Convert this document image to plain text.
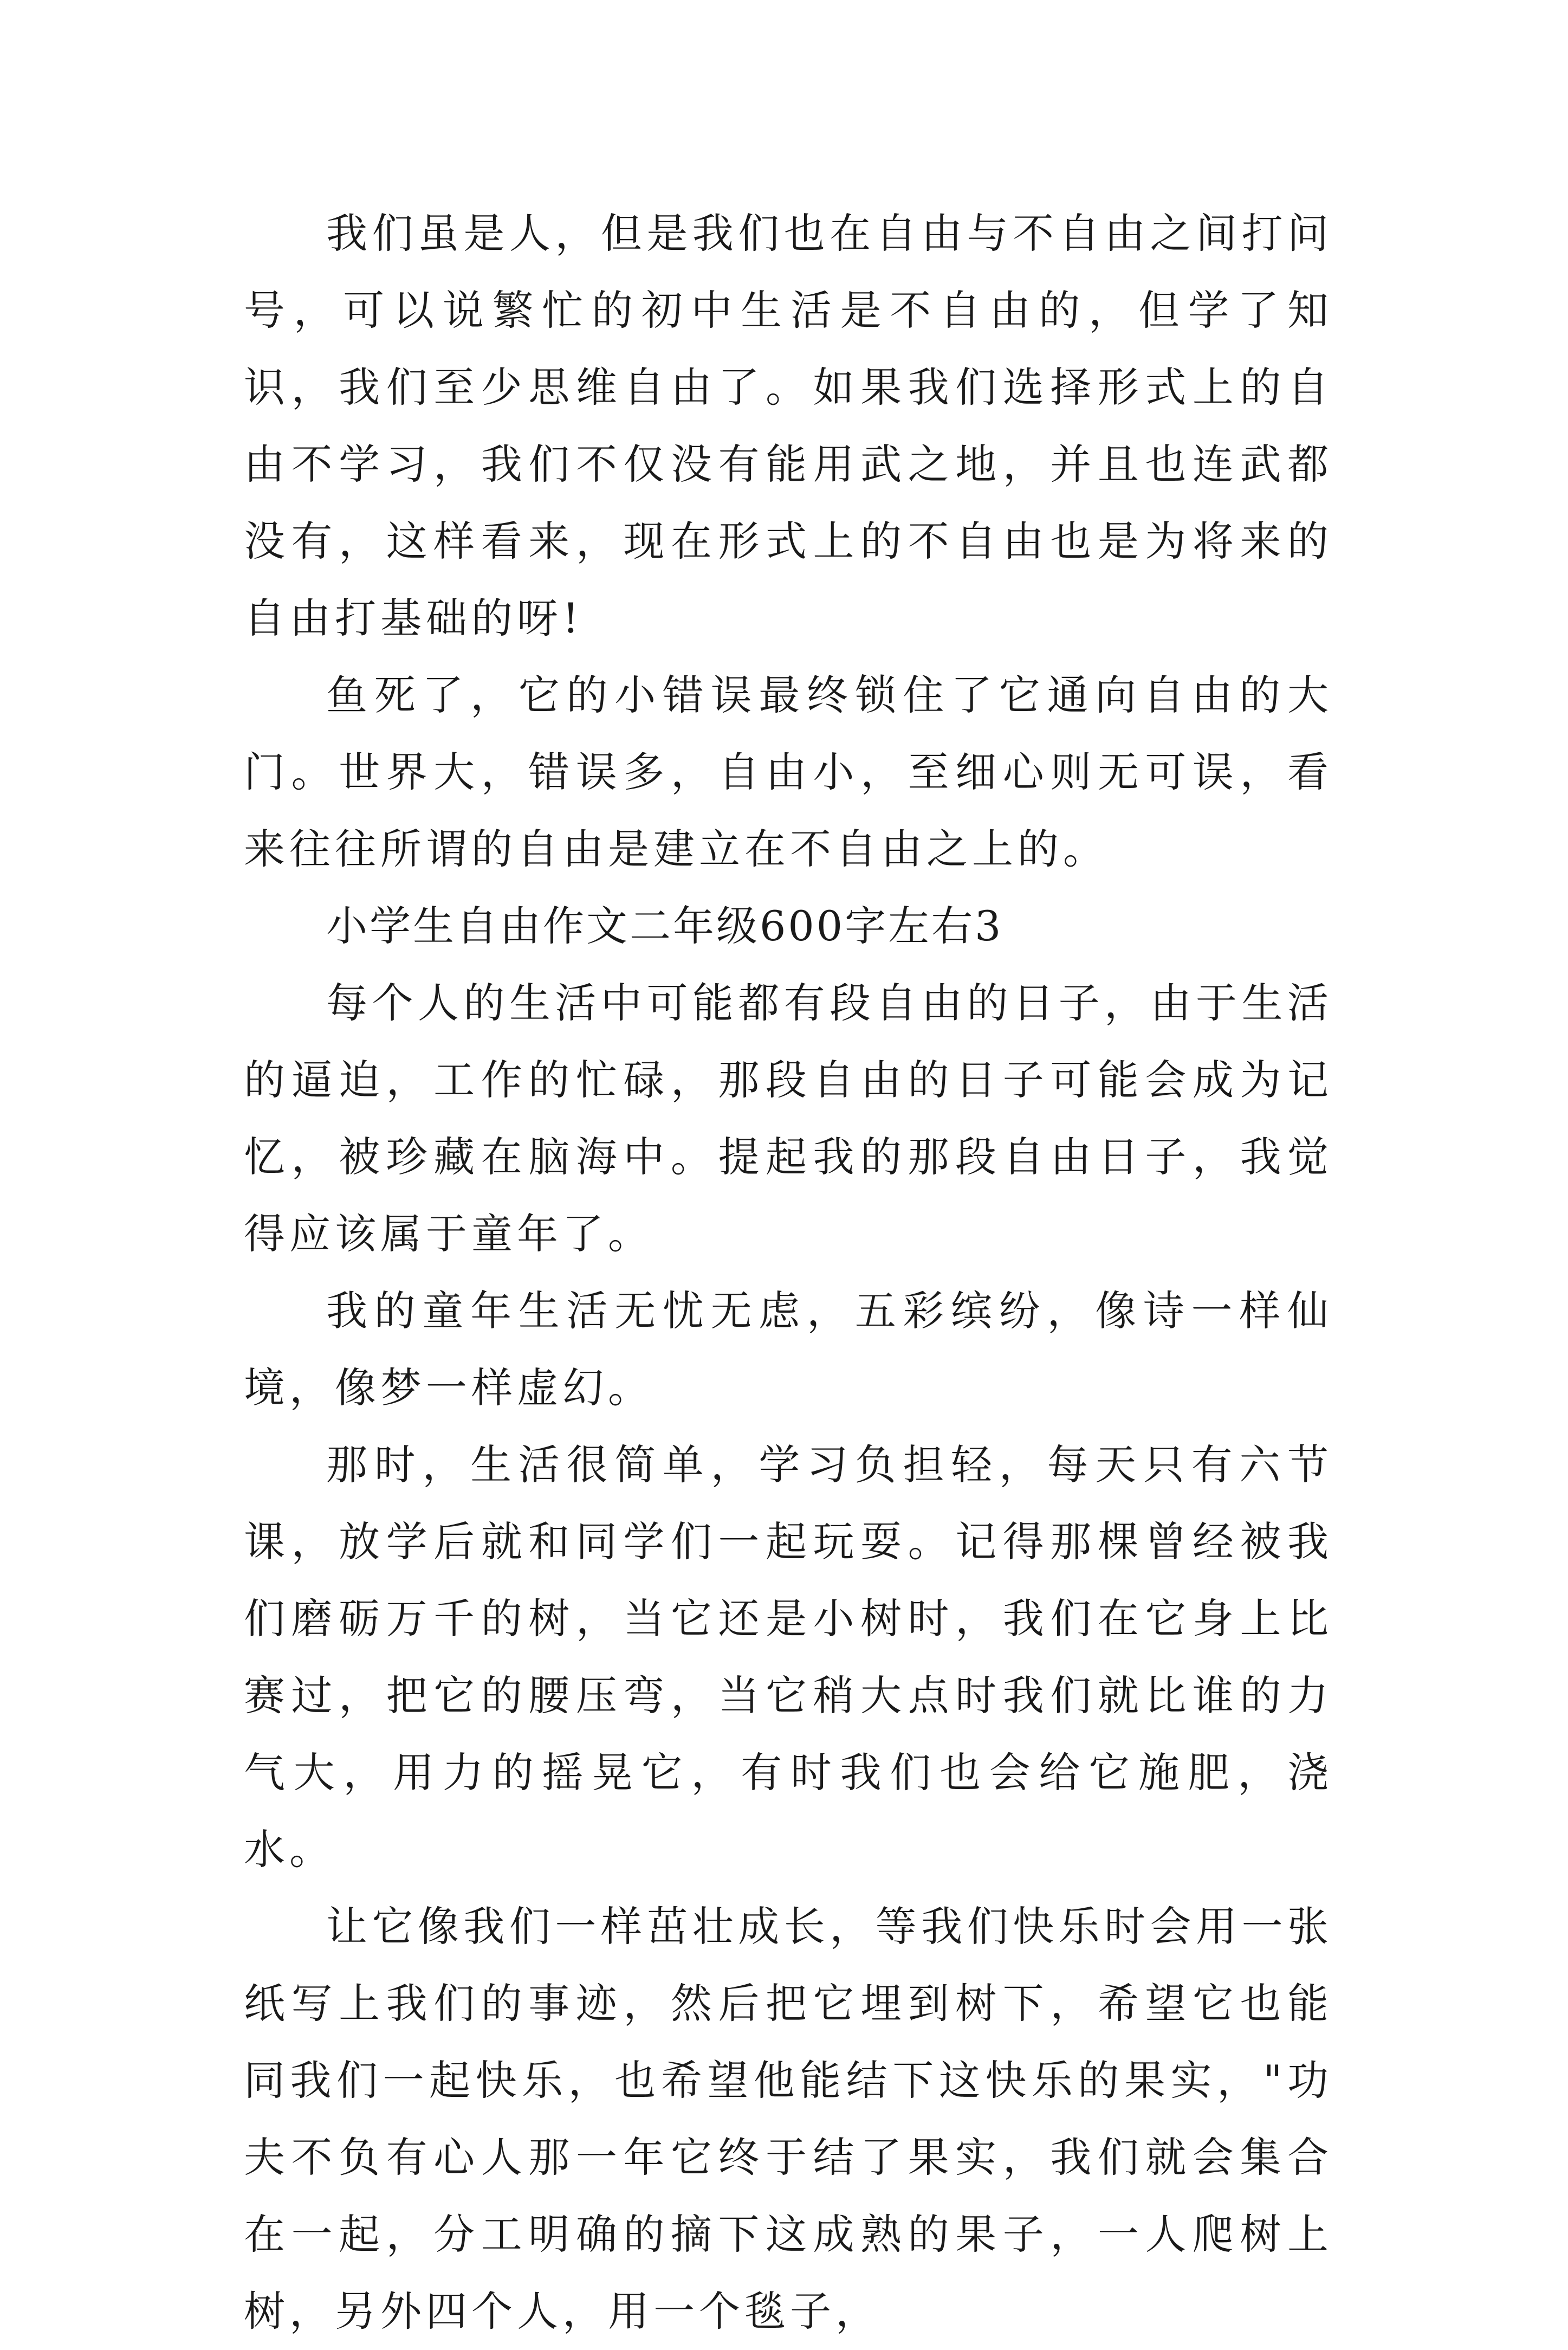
我们虽是人，但是我们也在自由与不自由之间打问号，可以说繁忙的初中生活是不自由的，但学了知识，我们至少思维自由了。如果我们选择形式上的自由不学习，我们不仅没有能用武之地，并且也连武都没有，这样看来，现在形式上的不自由也是为将来的自由打基础的呀!

鱼死了，它的小错误最终锁住了它通向自由的大门。世界大，错误多，自由小，至细心则无可误，看来往往所谓的自由是建立在不自由之上的。

小学生自由作文二年级600字左右3

每个人的生活中可能都有段自由的日子，由于生活的逼迫，工作的忙碌，那段自由的日子可能会成为记忆，被珍藏在脑海中。提起我的那段自由日子，我觉得应该属于童年了。

我的童年生活无忧无虑，五彩缤纷，像诗一样仙境，像梦一样虚幻。

那时，生活很简单，学习负担轻，每天只有六节课，放学后就和同学们一起玩耍。记得那棵曾经被我们磨砺万千的树，当它还是小树时，我们在它身上比赛过，把它的腰压弯，当它稍大点时我们就比谁的力气大，用力的摇晃它，有时我们也会给它施肥，浇水。

让它像我们一样茁壮成长，等我们快乐时会用一张纸写上我们的事迹，然后把它埋到树下，希望它也能同我们一起快乐，也希望他能结下这快乐的果实，"功夫不负有心人那一年它终于结了果实，我们就会集合在一起，分工明确的摘下这成熟的果子，一人爬树上树，另外四个人，用一个毯子，
